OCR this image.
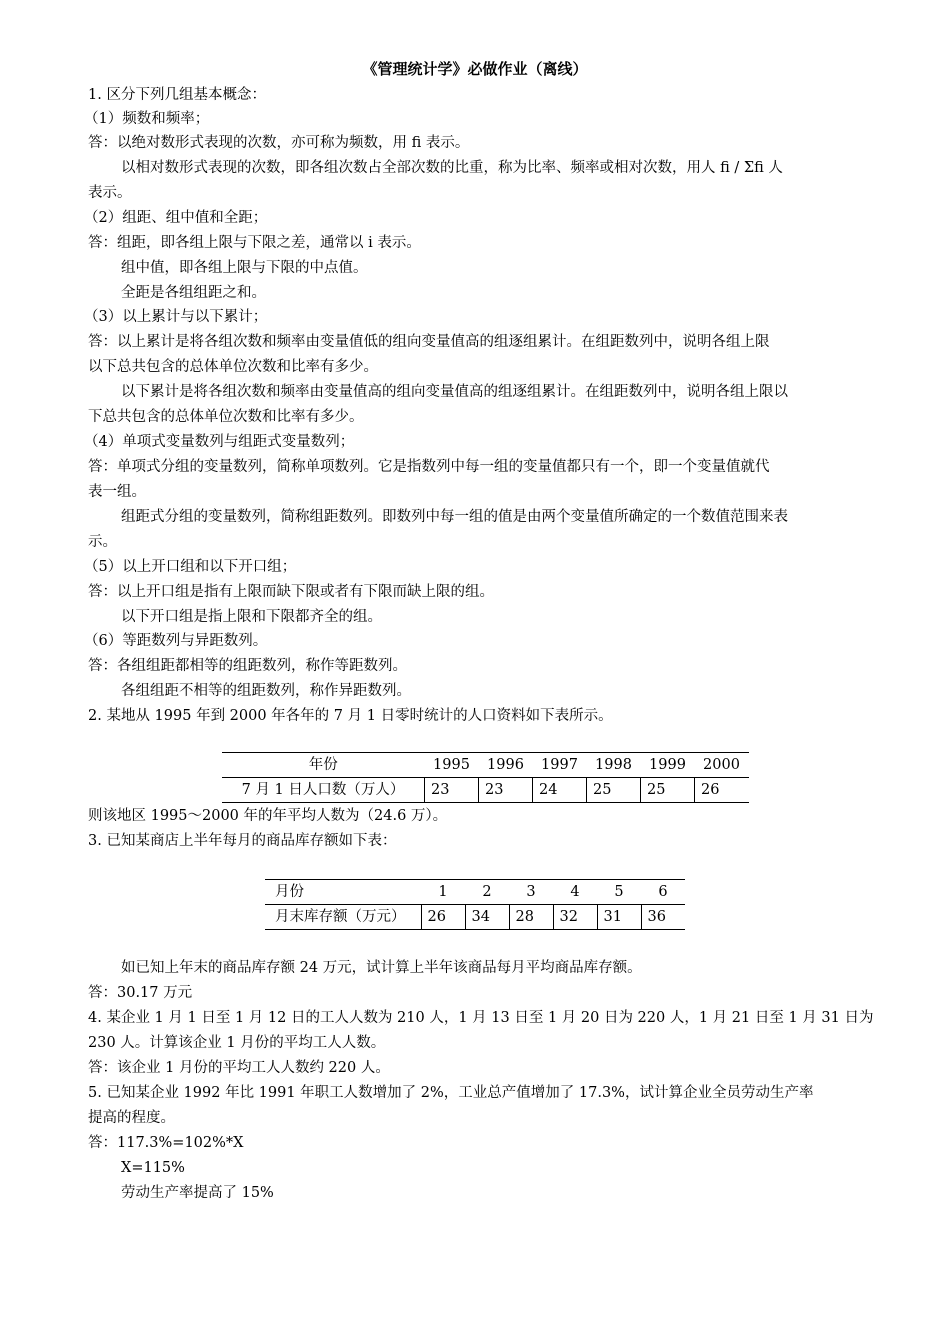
《管理统计学》必做作业（离线）
1. 区分下列几组基本概念：
（1）频数和频率；
答：以绝对数形式表现的次数，亦可称为频数，用 fi 表示。
以相对数形式表现的次数，即各组次数占全部次数的比重，称为比率、频率或相对次数，用人 fi / Σfi 人
表示。
（2）组距、组中值和全距；
答：组距，即各组上限与下限之差，通常以 i 表示。
组中值，即各组上限与下限的中点值。
全距是各组组距之和。
（3）以上累计与以下累计；
答：以上累计是将各组次数和频率由变量值低的组向变量值高的组逐组累计。在组距数列中，说明各组上限
以下总共包含的总体单位次数和比率有多少。
以下累计是将各组次数和频率由变量值高的组向变量值高的组逐组累计。在组距数列中，说明各组上限以
下总共包含的总体单位次数和比率有多少。
（4）单项式变量数列与组距式变量数列；
答：单项式分组的变量数列，简称单项数列。它是指数列中每一组的变量值都只有一个，即一个变量值就代
表一组。
组距式分组的变量数列，简称组距数列。即数列中每一组的值是由两个变量值所确定的一个数值范围来表
示。
（5）以上开口组和以下开口组；
答：以上开口组是指有上限而缺下限或者有下限而缺上限的组。
以下开口组是指上限和下限都齐全的组。
（6）等距数列与异距数列。
答：各组组距都相等的组距数列，称作等距数列。
各组组距不相等的组距数列，称作异距数列。
2. 某地从 1995 年到 2000 年各年的 7 月 1 日零时统计的人口资料如下表所示。
年份	1995	1996	1997	1998	1999	2000
7 月 1 日人口数（万人）	23	23	24	25	25	26
则该地区 1995～2000 年的年平均人数为（24.6 万）。
3. 已知某商店上半年每月的商品库存额如下表：
月份	1	2	3	4	5	6
月末库存额（万元）	26	34	28	32	31	36
如已知上年末的商品库存额 24 万元，试计算上半年该商品每月平均商品库存额。
答：30.17 万元
4. 某企业 1 月 1 日至 1 月 12 日的工人人数为 210 人，1 月 13 日至 1 月 20 日为 220 人，1 月 21 日至 1 月 31 日为
230 人。计算该企业 1 月份的平均工人人数。
答：该企业 1 月份的平均工人人数约 220 人。
5. 已知某企业 1992 年比 1991 年职工人数增加了 2%，工业总产值增加了 17.3%，试计算企业全员劳动生产率
提高的程度。
答：117.3%=102%*X
X=115%
劳动生产率提高了 15%
